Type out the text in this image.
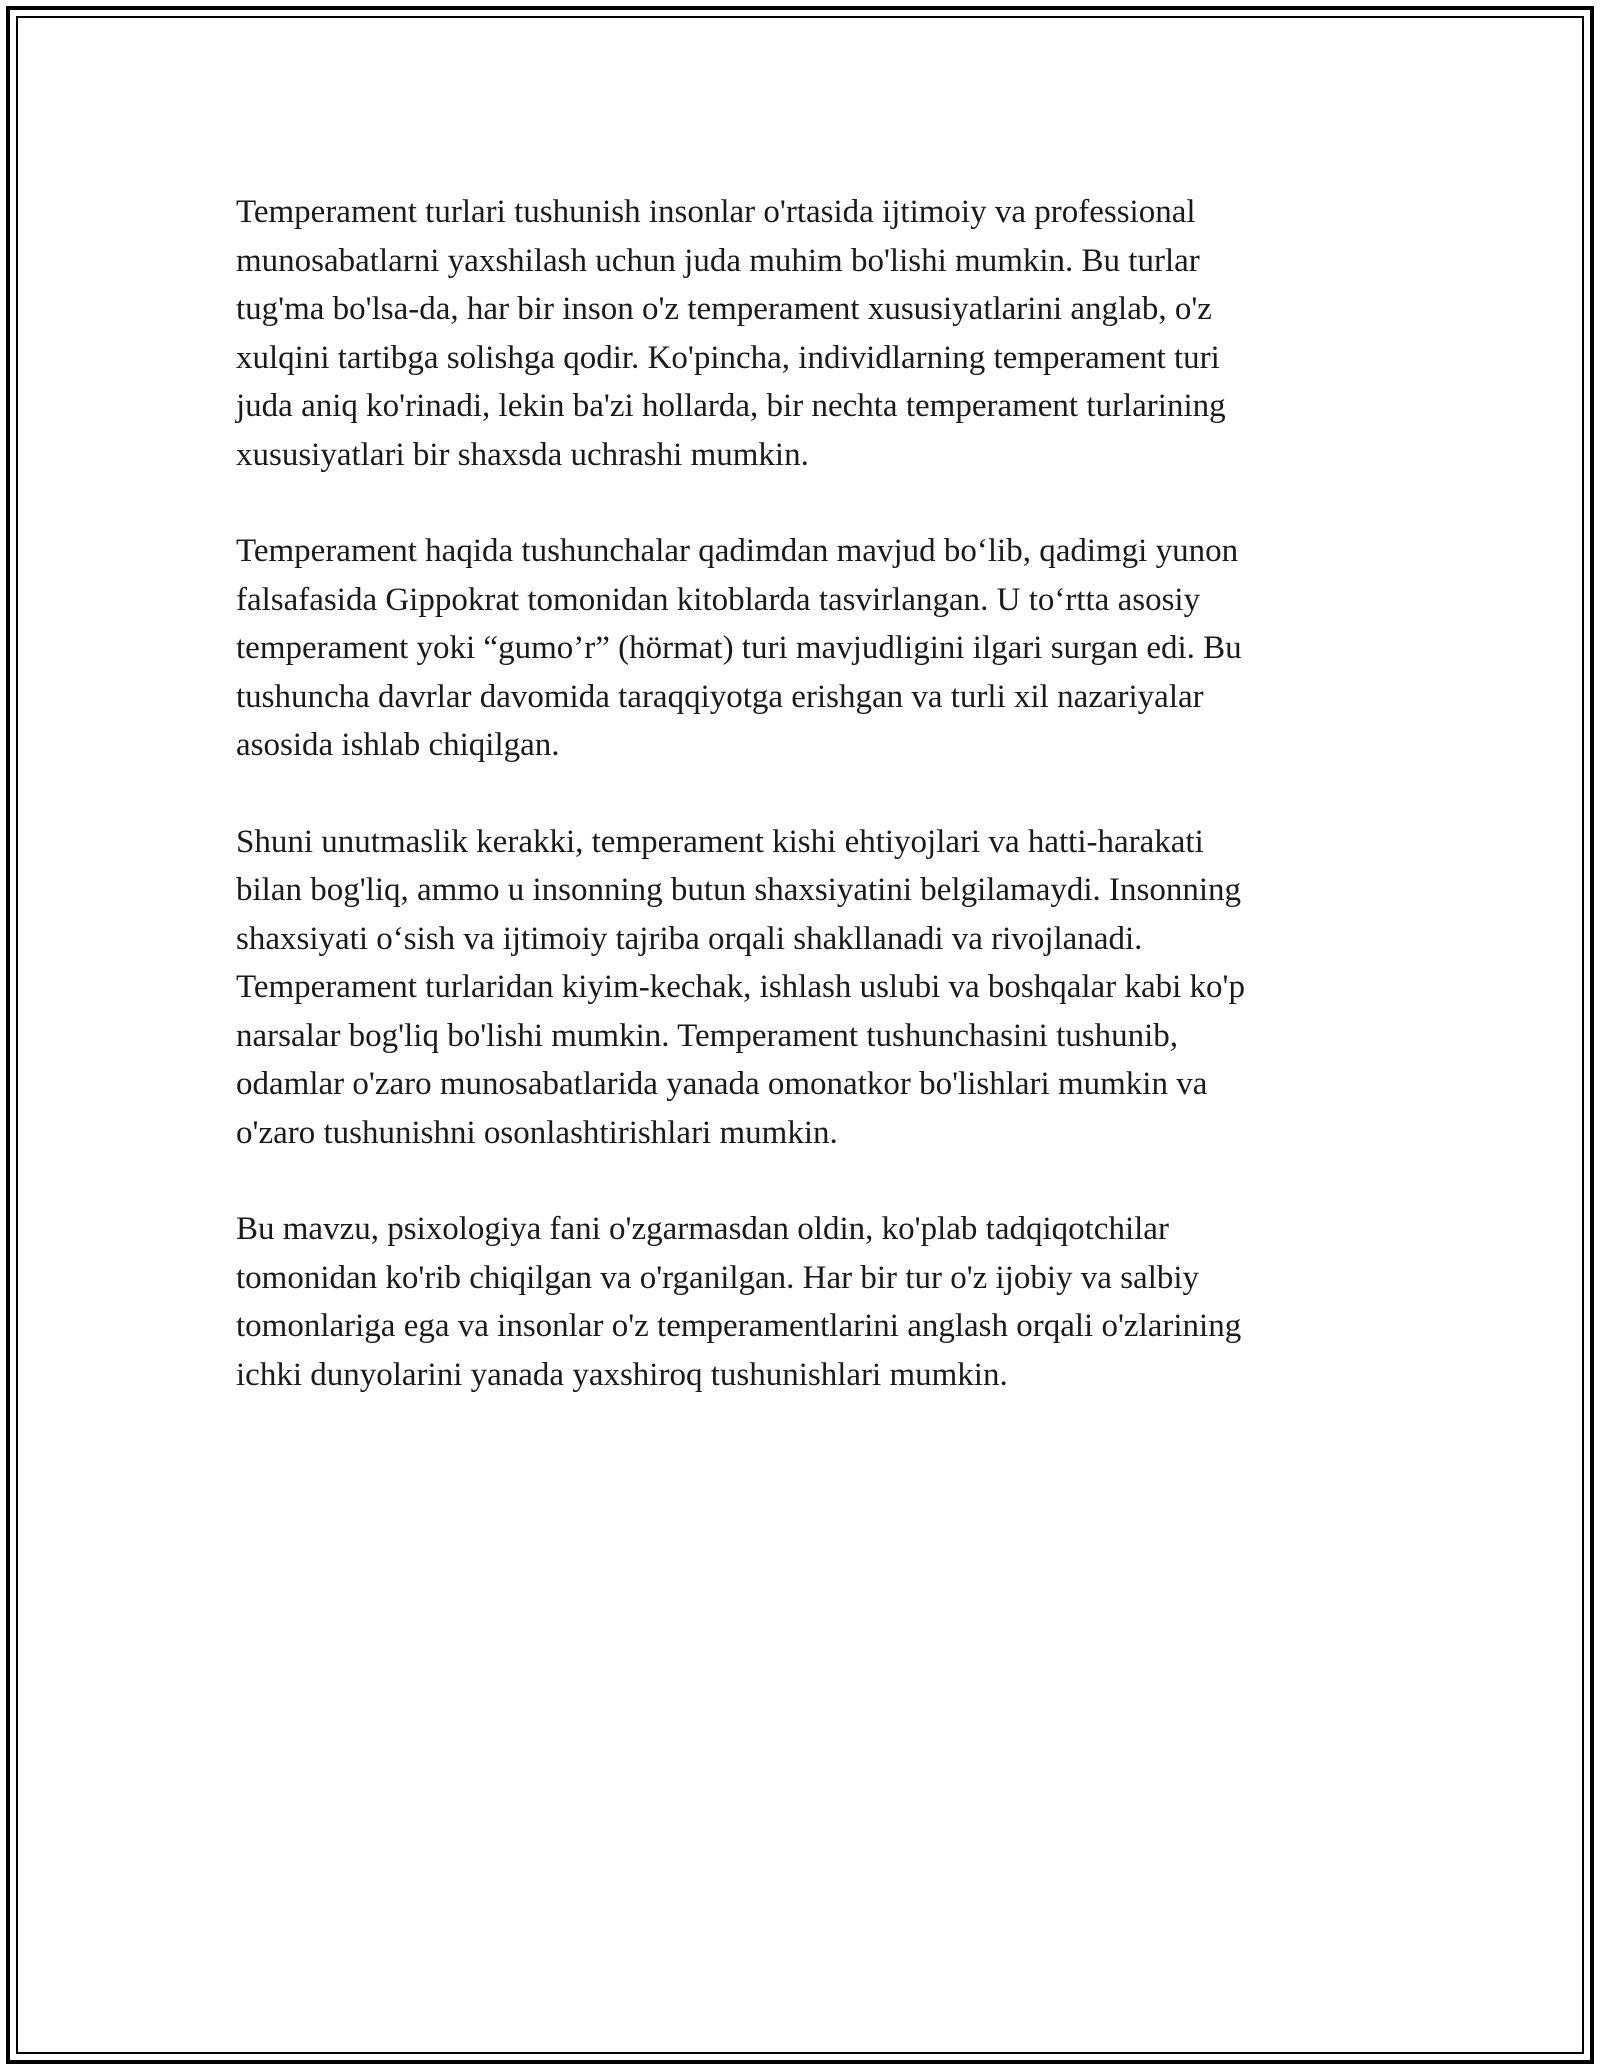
Temperament turlari tushunish insonlar o'rtasida ijtimoiy va professional
munosabatlarni yaxshilash uchun juda muhim bo'lishi mumkin. Bu turlar
tug'ma bo'lsa-da, har bir inson o'z temperament xususiyatlarini anglab, o'z
xulqini tartibga solishga qodir. Ko'pincha, individlarning temperament turi
juda aniq ko'rinadi, lekin ba'zi hollarda, bir nechta temperament turlarining
xususiyatlari bir shaxsda uchrashi mumkin.

Temperament haqida tushunchalar qadimdan mavjud bo‘lib, qadimgi yunon
falsafasida Gippokrat tomonidan kitoblarda tasvirlangan. U to‘rtta asosiy
temperament yoki “gumo’r” (hörmat) turi mavjudligini ilgari surgan edi. Bu
tushuncha davrlar davomida taraqqiyotga erishgan va turli xil nazariyalar
asosida ishlab chiqilgan.

Shuni unutmaslik kerakki, temperament kishi ehtiyojlari va hatti-harakati
bilan bog'liq, ammo u insonning butun shaxsiyatini belgilamaydi. Insonning
shaxsiyati o‘sish va ijtimoiy tajriba orqali shakllanadi va rivojlanadi.
Temperament turlaridan kiyim-kechak, ishlash uslubi va boshqalar kabi ko'p
narsalar bog'liq bo'lishi mumkin. Temperament tushunchasini tushunib,
odamlar o'zaro munosabatlarida yanada omonatkor bo'lishlari mumkin va
o'zaro tushunishni osonlashtirishlari mumkin.

Bu mavzu, psixologiya fani o'zgarmasdan oldin, ko'plab tadqiqotchilar
tomonidan ko'rib chiqilgan va o'rganilgan. Har bir tur o'z ijobiy va salbiy
tomonlariga ega va insonlar o'z temperamentlarini anglash orqali o'zlarining
ichki dunyolarini yanada yaxshiroq tushunishlari mumkin.
